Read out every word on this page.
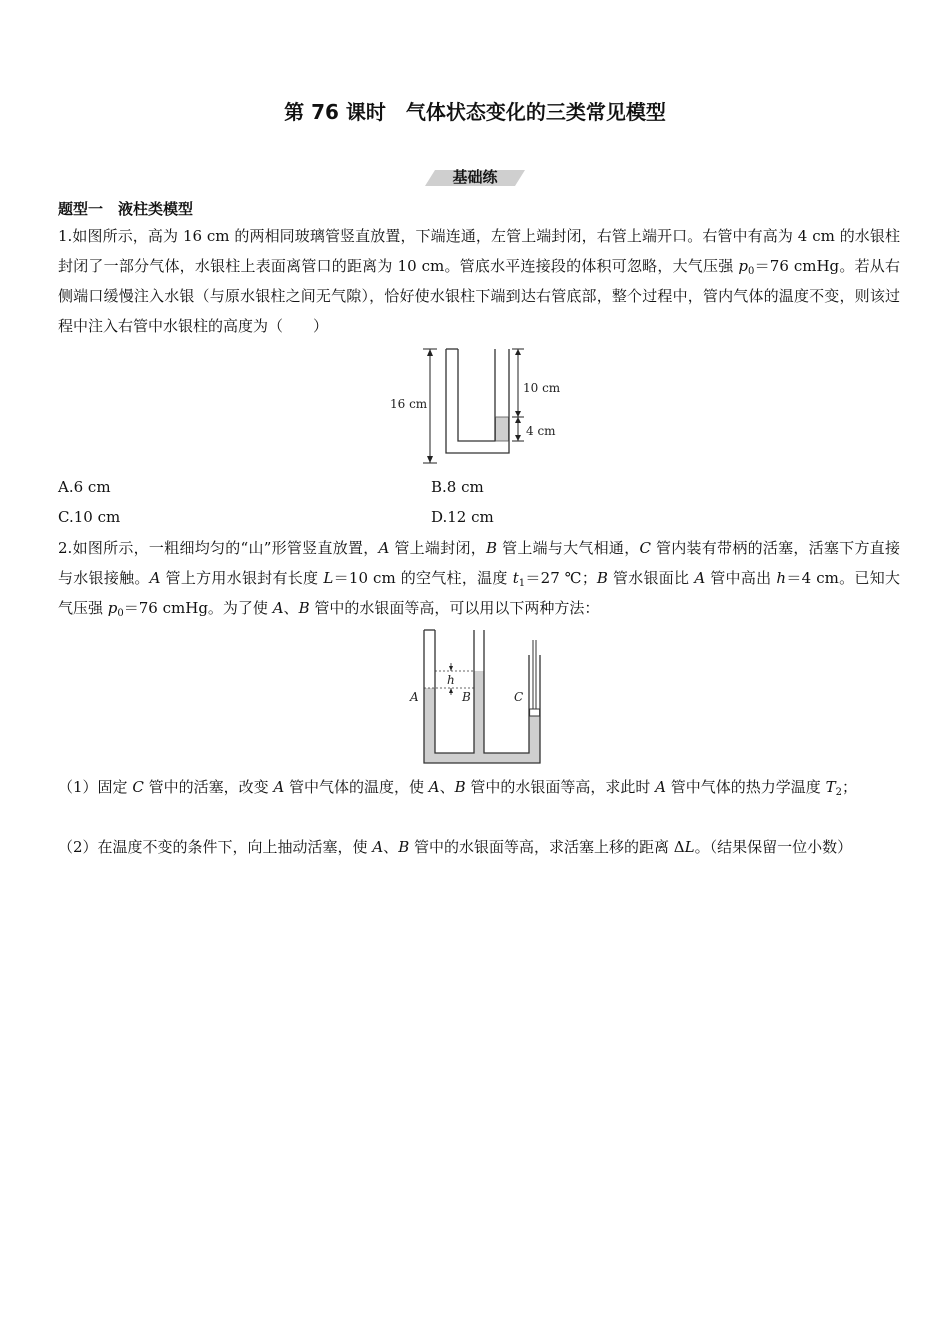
第 76 课时　气体状态变化的三类常见模型
基础练
题型一　液柱类模型
1.如图所示，高为 16 cm 的两相同玻璃管竖直放置，下端连通，左管上端封闭，右管上端开口。右管中有高为 4 cm 的水银柱封闭了一部分气体，水银柱上表面离管口的距离为 10 cm。管底水平连接段的体积可忽略，大气压强 $p_0=76$ cmHg。若从右侧端口缓慢注入水银（与原水银柱之间无气隙），恰好使水银柱下端到达右管底部，整个过程中，管内气体的温度不变，则该过程中注入右管中水银柱的高度为（　　）
16 cm
10 cm
4 cm
A.6 cm	B.8 cm
C.10 cm	D.12 cm
2.如图所示，一粗细均匀的“山”形管竖直放置，A 管上端封闭，B 管上端与大气相通，C 管内装有带柄的活塞，活塞下方直接与水银接触。A 管上方用水银封有长度 L＝10 cm 的空气柱，温度 $t_1=27$ ℃；B 管水银面比 A 管中高出 h＝4 cm。已知大气压强 $p_0=76$ cmHg。为了使 A、B 管中的水银面等高，可以用以下两种方法：
h
A	B	C
（1）固定 C 管中的活塞，改变 A 管中气体的温度，使 A、B 管中的水银面等高，求此时 A 管中气体的热力学温度 $T_2$；
（2）在温度不变的条件下，向上抽动活塞，使 A、B 管中的水银面等高，求活塞上移的距离 ΔL。（结果保留一位小数）
